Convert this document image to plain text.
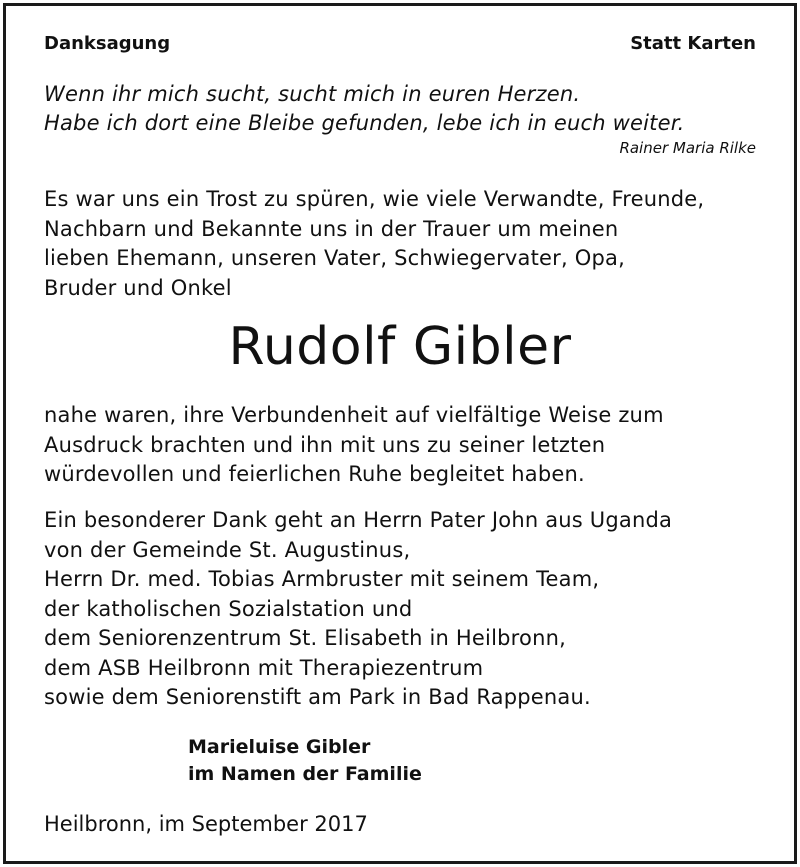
Danksagung	Statt Karten
Wenn ihr mich sucht, sucht mich in euren Herzen.
Habe ich dort eine Bleibe gefunden, lebe ich in euch weiter.
Rainer Maria Rilke
Es war uns ein Trost zu spüren, wie viele Verwandte, Freunde,
Nachbarn und Bekannte uns in der Trauer um meinen
lieben Ehemann, unseren Vater, Schwiegervater, Opa,
Bruder und Onkel
Rudolf Gibler
nahe waren, ihre Verbundenheit auf vielfältige Weise zum
Ausdruck brachten und ihn mit uns zu seiner letzten
würdevollen und feierlichen Ruhe begleitet haben.
Ein besonderer Dank geht an Herrn Pater John aus Uganda
von der Gemeinde St. Augustinus,
Herrn Dr. med. Tobias Armbruster mit seinem Team,
der katholischen Sozialstation und
dem Seniorenzentrum St. Elisabeth in Heilbronn,
dem ASB Heilbronn mit Therapiezentrum
sowie dem Seniorenstift am Park in Bad Rappenau.
Marieluise Gibler
im Namen der Familie
Heilbronn, im September 2017
